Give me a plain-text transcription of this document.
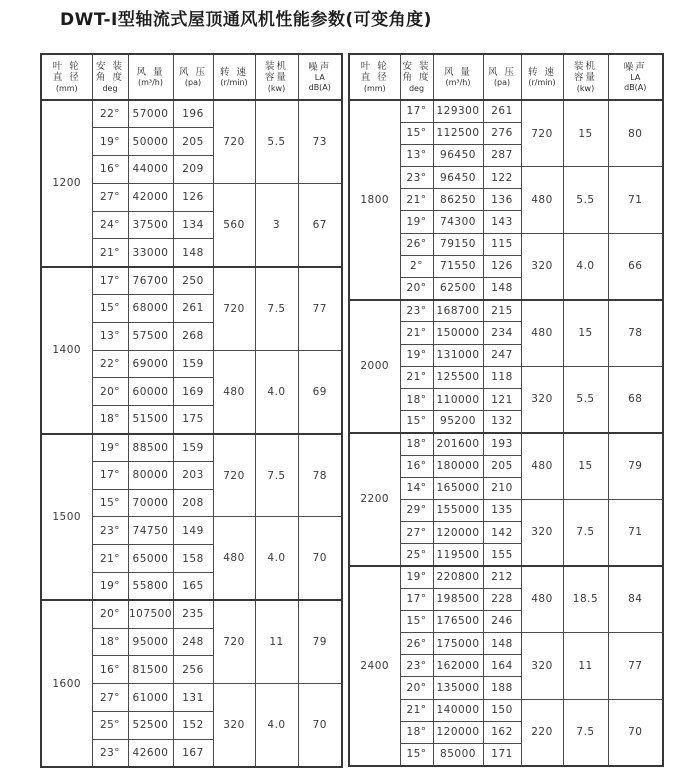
DWT-I型轴流式屋顶通风机性能参数(可变角度)
叶 轮
直 径
(mm)

安 装
角 度
deg

风 量
(m³/h)

风 压
(pa)

转 速
(r/min)

装机
容量
(kw)

噪声
LA
dB(A)

1200	22°	57000	196	720	5.5	73
	19°	50000	205			
	16°	44000	209			
	27°	42000	126	560	3	67
	24°	37500	134			
	21°	33000	148			
1400	17°	76700	250	720	7.5	77
	15°	68000	261			
	13°	57500	268			
	22°	69000	159	480	4.0	69
	20°	60000	169			
	18°	51500	175			
1500	19°	88500	159	720	7.5	78
	17°	80000	203			
	15°	70000	208			
	23°	74750	149	480	4.0	70
	21°	65000	158			
	19°	55800	165			
1600	20°	107500	235	720	11	79
	18°	95000	248			
	16°	81500	256			
	27°	61000	131	320	4.0	70
	25°	52500	152			
	23°	42600	167			
叶 轮
直 径
(mm)

安 装
角 度
deg

风 量
(m³/h)

风 压
(pa)

转 速
(r/min)

装机
容量
(kw)

噪声
LA
dB(A)

1800	17°	129300	261	720	15	80
	15°	112500	276			
	13°	96450	287			
	23°	96450	122	480	5.5	71
	21°	86250	136			
	19°	74300	143			
	26°	79150	115	320	4.0	66
	2°	71550	126			
	20°	62500	148			
2000	23°	168700	215	480	15	78
	21°	150000	234			
	19°	131000	247			
	21°	125500	118	320	5.5	68
	18°	110000	121			
	15°	95200	132			
2200	18°	201600	193	480	15	79
	16°	180000	205			
	14°	165000	210			
	29°	155000	135	320	7.5	71
	27°	120000	142			
	25°	119500	155			
2400	19°	220800	212	480	18.5	84
	17°	198500	228			
	15°	176500	246			
	26°	175000	148	320	11	77
	23°	162000	164			
	20°	135000	188			
	21°	140000	150	220	7.5	70
	18°	120000	162			
	15°	85000	171			
